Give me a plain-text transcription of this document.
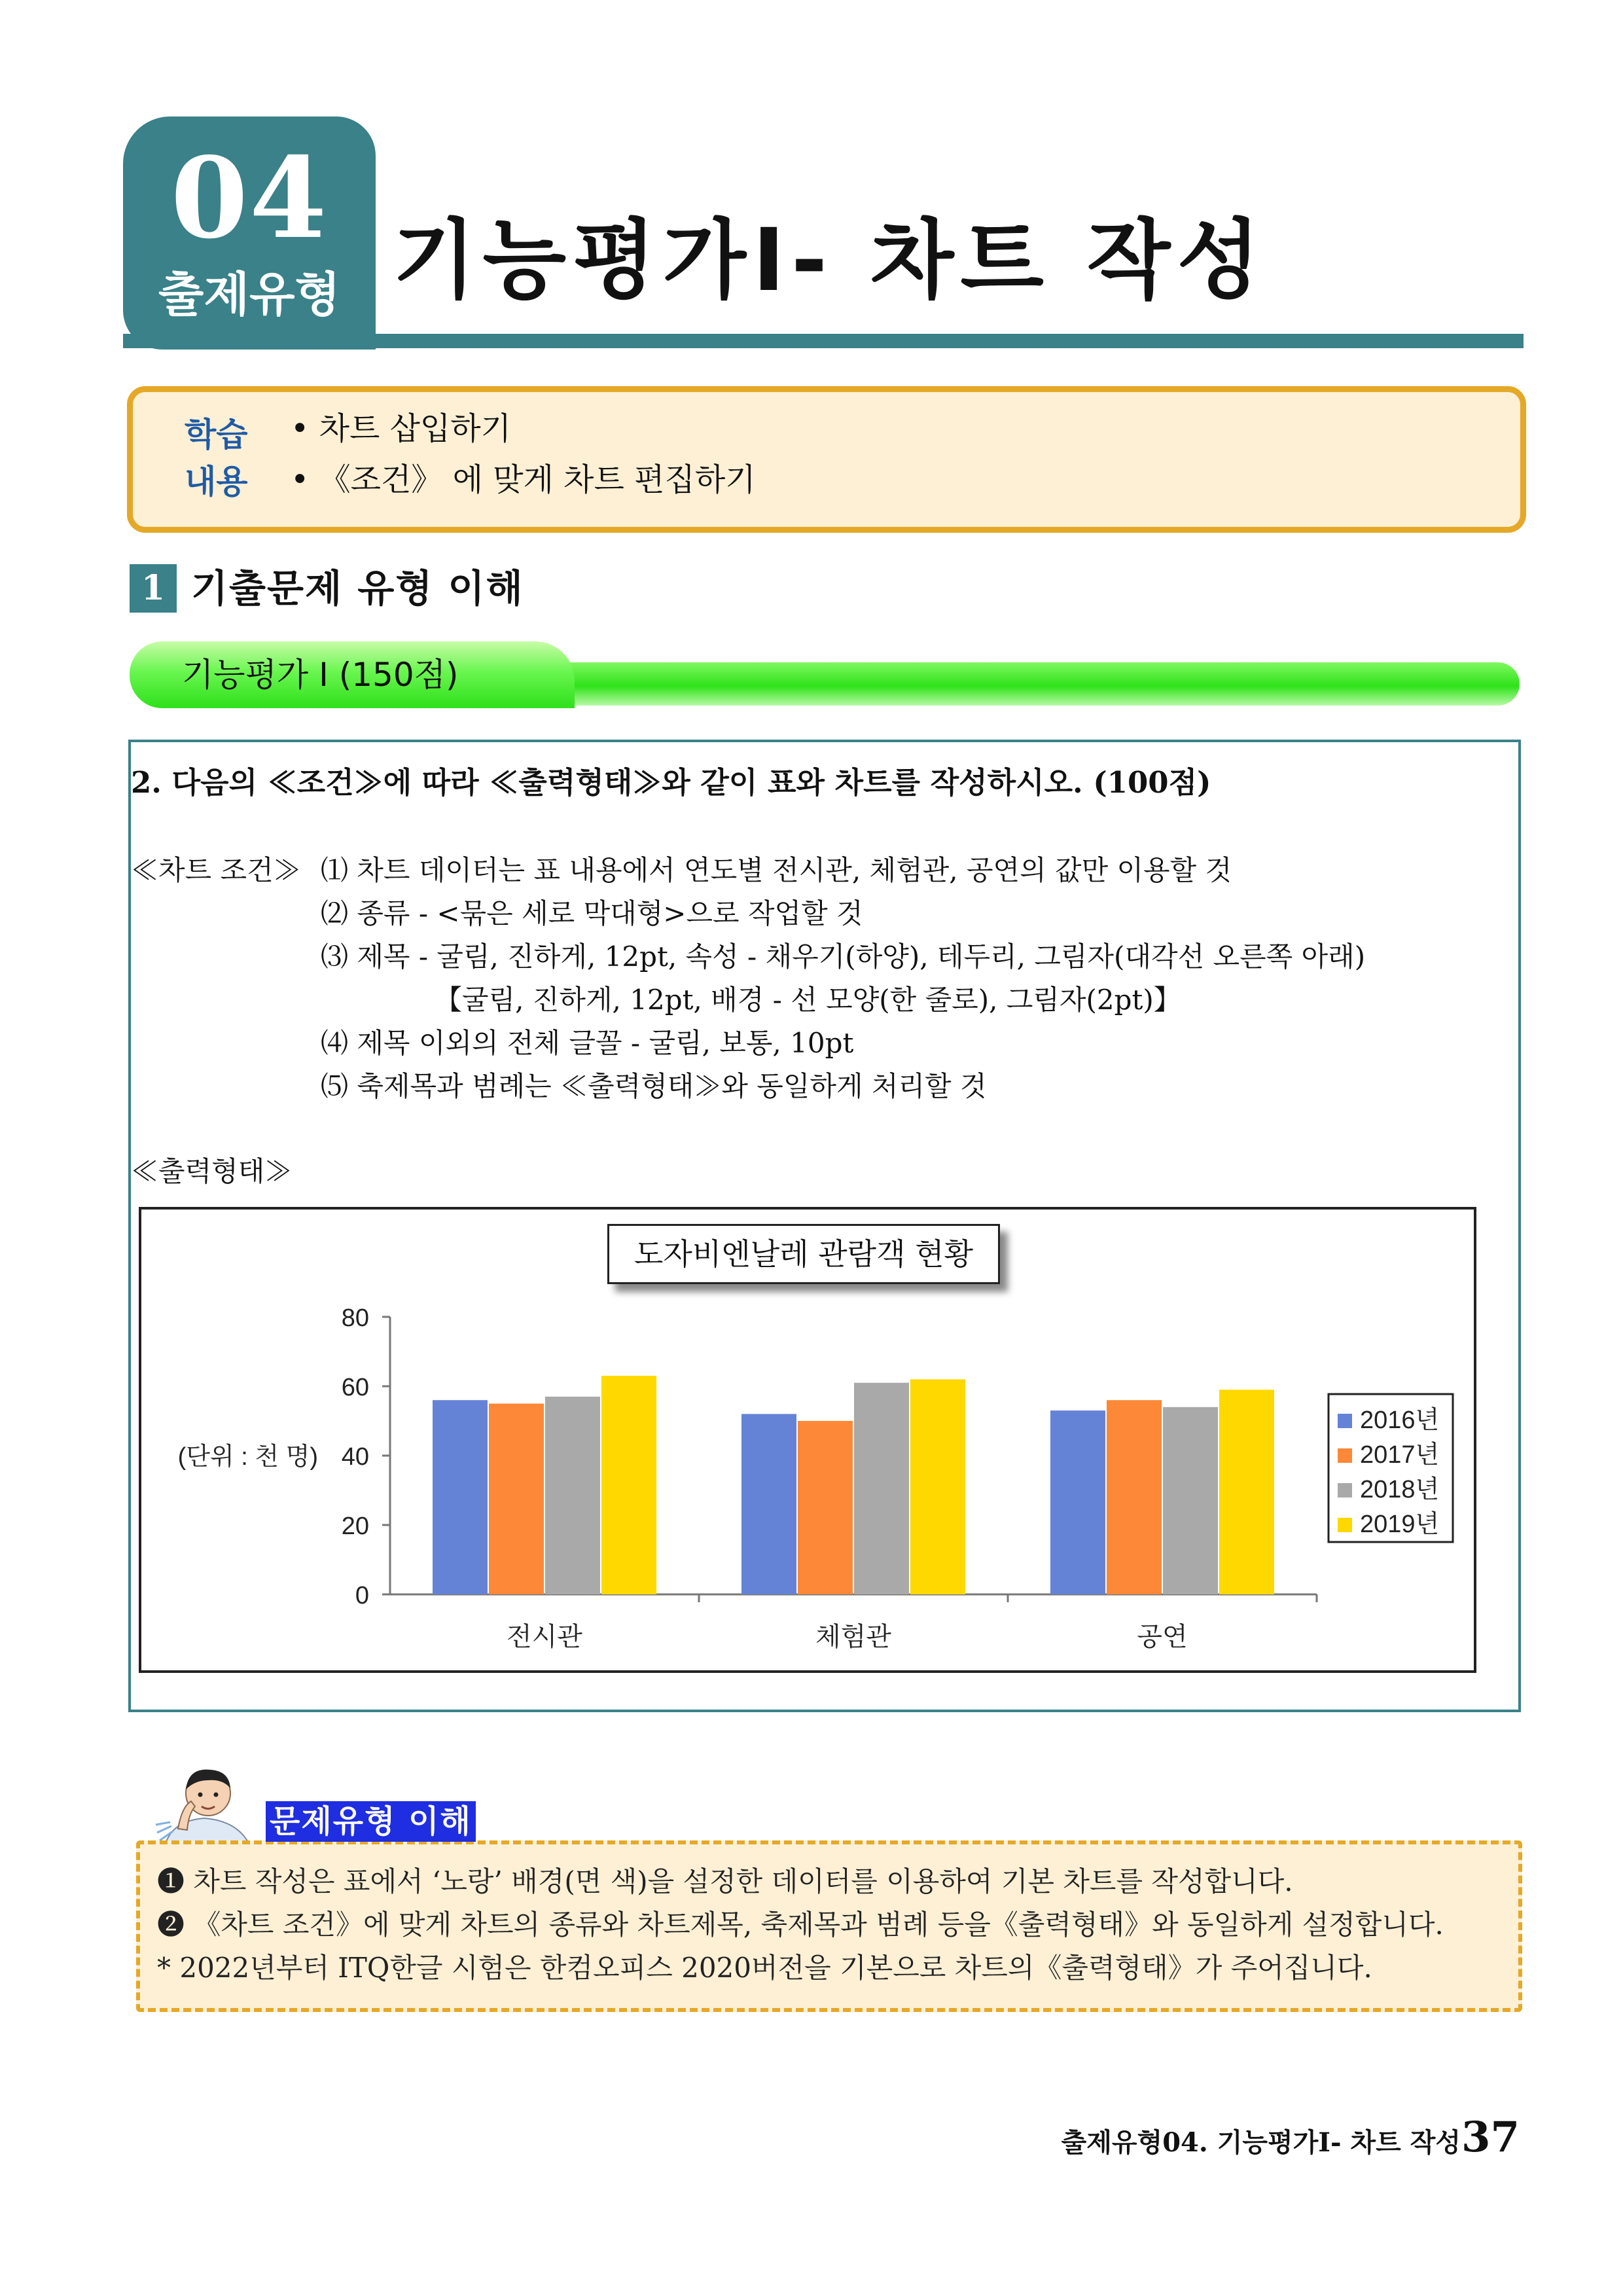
04
출제유형 기능평가Ⅰ- 차트 작성
학습
내용
• 차트 삽입하기
• 《조건》 에 맞게 차트 편집하기
1 기출문제 유형 이해
기능평가 Ⅰ (150점)
2. 다음의 ≪조건≫에 따라 ≪출력형태≫와 같이 표와 차트를 작성하시오. (100점)
≪차트 조건≫ ⑴ 차트 데이터는 표 내용에서 연도별 전시관, 체험관, 공연의 값만 이용할 것
⑵ 종류 - <묶은 세로 막대형>으로 작업할 것
⑶ 제목 - 굴림, 진하게, 12pt, 속성 - 채우기(하양), 테두리, 그림자(대각선 오른쪽 아래)
【굴림, 진하게, 12pt, 배경 - 선 모양(한 줄로), 그림자(2pt)】
⑷ 제목 이외의 전체 글꼴 - 굴림, 보통, 10pt
⑸ 축제목과 범례는 ≪출력형태≫와 동일하게 처리할 것
≪출력형태≫
0
20
40
60
80
(단위 : 천 명)
전시관	체험관	공연
2016년
2017년
2018년
2019년
도자비엔날레 관람객 현황
문제유형 이해
❶ 차트 작성은 표에서 ‘노랑’ 배경(면 색)을 설정한 데이터를 이용하여 기본 차트를 작성합니다.
❷ 《차트 조건》에 맞게 차트의 종류와 차트제목, 축제목과 범례 등을《출력형태》와 동일하게 설정합니다.
* 2022년부터 ITQ한글 시험은 한컴오피스 2020버전을 기본으로 차트의《출력형태》가 주어집니다.
출제유형04. 기능평가Ⅰ- 차트 작성 37
